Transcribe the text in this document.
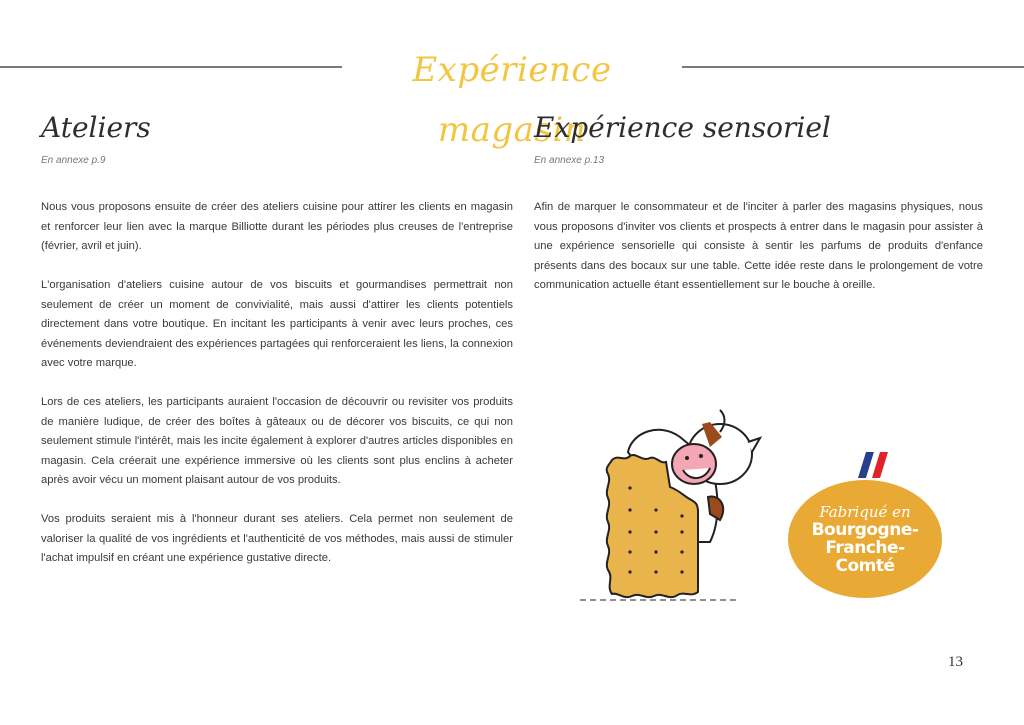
Expérience magasin
Ateliers
En annexe p.9

Nous vous proposons ensuite de créer des ateliers cuisine pour attirer les clients en magasin et renforcer leur lien avec la marque Billiotte durant les périodes plus creuses de l'entreprise (février, avril et juin).

L'organisation d'ateliers cuisine autour de vos biscuits et gourmandises permettrait non seulement de créer un moment de convivialité, mais aussi d'attirer les clients potentiels directement dans votre boutique. En incitant les participants à venir avec leurs proches, ces événements deviendraient des expériences partagées qui renforceraient les liens, la connexion avec votre marque.

Lors de ces ateliers, les participants auraient l'occasion de découvrir ou revisiter vos produits de manière ludique, de créer des boîtes à gâteaux ou de décorer vos biscuits, ce qui non seulement stimule l'intérêt, mais les incite également à explorer d'autres articles disponibles en magasin. Cela créerait une expérience immersive où les clients sont plus enclins à acheter après avoir vécu un moment plaisant autour de vos produits.

Vos produits seraient mis à l'honneur durant ses ateliers. Cela permet non seulement de valoriser la qualité de vos ingrédients et l'authenticité de vos méthodes, mais aussi de stimuler l'achat impulsif en créant une expérience gustative directe.

Expérience sensoriel
En annexe p.13

Afin de marquer le consommateur et de l'inciter à parler des magasins physiques, nous vous proposons d'inviter vos clients et prospects à entrer dans le magasin pour assister à une expérience sensorielle qui consiste à sentir les parfums de produits d'enfance présents dans des bocaux sur une table. Cette idée reste dans le prolongement de votre communication actuelle étant essentiellement sur le bouche à oreille.

Fabriqué en
Bourgogne-
Franche-
Comté
13
